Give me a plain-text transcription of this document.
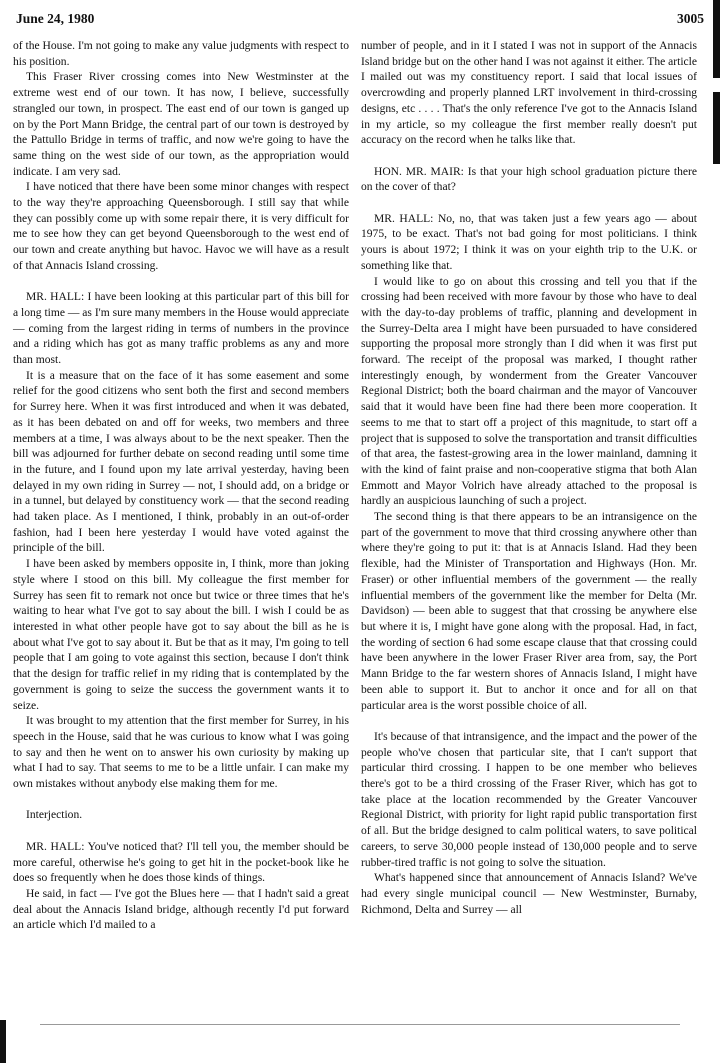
June 24, 1980	3005

of the House. I'm not going to make any value judgments with respect to his position.

This Fraser River crossing comes into New Westminster at the extreme west end of our town. It has now, I believe, successfully strangled our town, in prospect. The east end of our town is ganged up on by the Port Mann Bridge, the central part of our town is destroyed by the Pattullo Bridge in terms of traffic, and now we're going to have the same thing on the west side of our town, as the appropriation would indicate. I am very sad.

I have noticed that there have been some minor changes with respect to the way they're approaching Queensborough. I still say that while they can possibly come up with some repair there, it is very difficult for me to see how they can get beyond Queensborough to the west end of our town and create anything but havoc. Havoc we will have as a result of that Annacis Island crossing.

MR. HALL: I have been looking at this particular part of this bill for a long time — as I'm sure many members in the House would appreciate — coming from the largest riding in terms of numbers in the province and a riding which has got as many traffic problems as any and more than most.

It is a measure that on the face of it has some easement and some relief for the good citizens who sent both the first and second members for Surrey here. When it was first introduced and when it was debated, as it has been debated on and off for weeks, two members and three members at a time, I was always about to be the next speaker. Then the bill was adjourned for further debate on second reading until some time in the future, and I found upon my late arrival yesterday, having been delayed in my own riding in Surrey — not, I should add, on a bridge or in a tunnel, but delayed by constituency work — that the second reading had taken place. As I mentioned, I think, probably in an out-of-order fashion, had I been here yesterday I would have voted against the principle of the bill.

I have been asked by members opposite in, I think, more than joking style where I stood on this bill. My colleague the first member for Surrey has seen fit to remark not once but twice or three times that he's waiting to hear what I've got to say about the bill. I wish I could be as interested in what other people have got to say about the bill as he is about what I've got to say about it. But be that as it may, I'm going to tell people that I am going to vote against this section, because I don't think that the design for traffic relief in my riding that is contemplated by the government is going to seize the success the government wants it to seize.

It was brought to my attention that the first member for Surrey, in his speech in the House, said that he was curious to know what I was going to say and then he went on to answer his own curiosity by making up what I had to say. That seems to me to be a little unfair. I can make my own mistakes without anybody else making them for me.

Interjection.

MR. HALL: You've noticed that? I'll tell you, the member should be more careful, otherwise he's going to get hit in the pocket-book like he does so frequently when he does those kinds of things.

He said, in fact — I've got the Blues here — that I hadn't said a great deal about the Annacis Island bridge, although recently I'd put forward an article which I'd mailed to a

number of people, and in it I stated I was not in support of the Annacis Island bridge but on the other hand I was not against it either. The article I mailed out was my constituency report. I said that local issues of overcrowding and properly planned LRT involvement in third-crossing designs, etc . . . . That's the only reference I've got to the Annacis Island in my article, so my colleague the first member really doesn't put accuracy on the record when he talks like that.

HON. MR. MAIR: Is that your high school graduation picture there on the cover of that?

MR. HALL: No, no, that was taken just a few years ago — about 1975, to be exact. That's not bad going for most politicians. I think yours is about 1972; I think it was on your eighth trip to the U.K. or something like that.

I would like to go on about this crossing and tell you that if the crossing had been received with more favour by those who have to deal with the day-to-day problems of traffic, planning and development in the Surrey-Delta area I might have been pursuaded to have considered supporting the proposal more strongly than I did when it was first put forward. The receipt of the proposal was marked, I thought rather interestingly enough, by wonderment from the Greater Vancouver Regional District; both the board chairman and the mayor of Vancouver said that it would have been fine had there been more cooperation. It seems to me that to start off a project of this magnitude, to start off a project that is supposed to solve the transportation and transit difficulties of that area, the fastest-growing area in the lower mainland, damning it with the kind of faint praise and non-cooperative stigma that both Alan Emmott and Mayor Volrich have already attached to the proposal is hardly an auspicious launching of such a project.

The second thing is that there appears to be an intransigence on the part of the government to move that third crossing anywhere other than where they're going to put it: that is at Annacis Island. Had they been flexible, had the Minister of Transportation and Highways (Hon. Mr. Fraser) or other influential members of the government — the really influential members of the government like the member for Delta (Mr. Davidson) — been able to suggest that that crossing be anywhere else but where it is, I might have gone along with the proposal. Had, in fact, the wording of section 6 had some escape clause that that crossing could have been anywhere in the lower Fraser River area from, say, the Port Mann Bridge to the far western shores of Annacis Island, I might have been able to support it. But to anchor it once and for all on that particular area is the worst possible choice of all.

It's because of that intransigence, and the impact and the power of the people who've chosen that particular site, that I can't support that particular third crossing. I happen to be one member who believes there's got to be a third crossing of the Fraser River, which has got to take place at the location recommended by the Greater Vancouver Regional District, with priority for light rapid public transportation first of all. But the bridge designed to calm political waters, to save political careers, to serve 30,000 people instead of 130,000 people and to serve rubber-tired traffic is not going to solve the situation.

What's happened since that announcement of Annacis Island? We've had every single municipal council — New Westminster, Burnaby, Richmond, Delta and Surrey — all
